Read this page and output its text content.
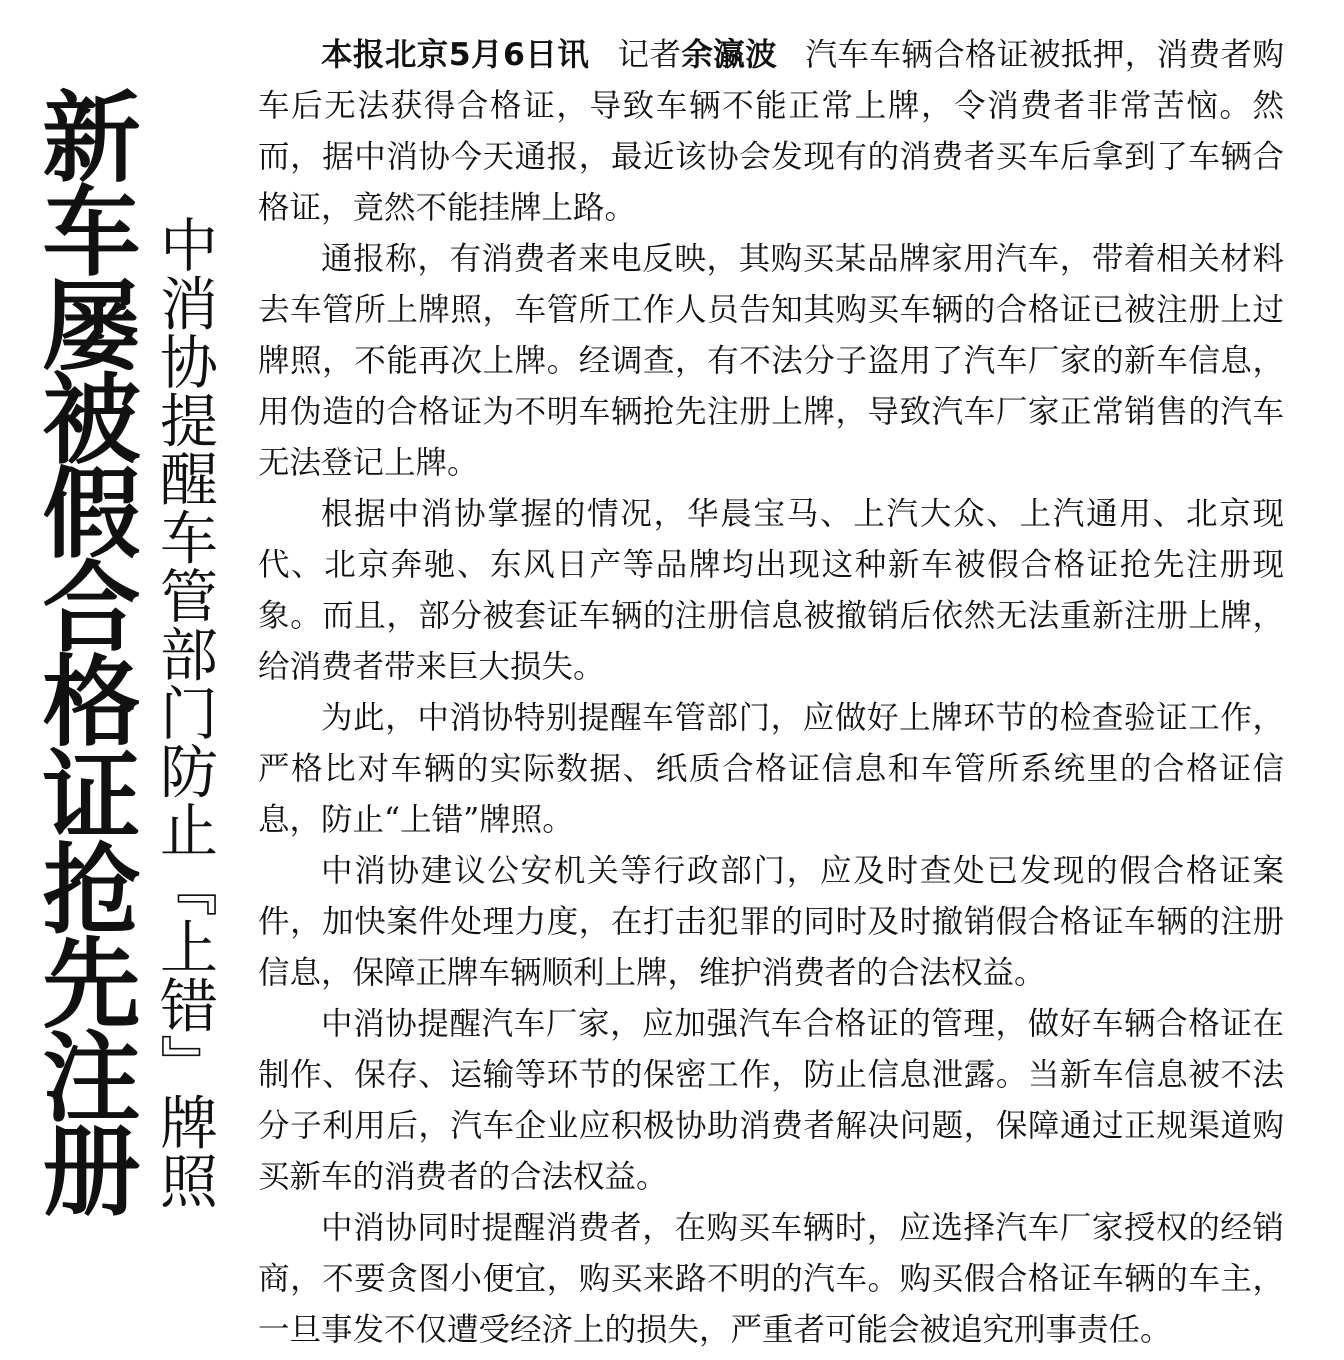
新车屡被假合格证抢先注册 中消协提醒车管部门防止『上错』牌照

本报北京5月6日讯 记者余瀛波 汽车车辆合格证被抵押，消费者购车后无法获得合格证，导致车辆不能正常上牌，令消费者非常苦恼。然而，据中消协今天通报，最近该协会发现有的消费者买车后拿到了车辆合格证，竟然不能挂牌上路。

通报称，有消费者来电反映，其购买某品牌家用汽车，带着相关材料去车管所上牌照，车管所工作人员告知其购买车辆的合格证已被注册上过牌照，不能再次上牌。经调查，有不法分子盗用了汽车厂家的新车信息，用伪造的合格证为不明车辆抢先注册上牌，导致汽车厂家正常销售的汽车无法登记上牌。

根据中消协掌握的情况，华晨宝马、上汽大众、上汽通用、北京现代、北京奔驰、东风日产等品牌均出现这种新车被假合格证抢先注册现象。而且，部分被套证车辆的注册信息被撤销后依然无法重新注册上牌，给消费者带来巨大损失。

为此，中消协特别提醒车管部门，应做好上牌环节的检查验证工作，严格比对车辆的实际数据、纸质合格证信息和车管所系统里的合格证信息，防止“上错”牌照。

中消协建议公安机关等行政部门，应及时查处已发现的假合格证案件，加快案件处理力度，在打击犯罪的同时及时撤销假合格证车辆的注册信息，保障正牌车辆顺利上牌，维护消费者的合法权益。

中消协提醒汽车厂家，应加强汽车合格证的管理，做好车辆合格证在制作、保存、运输等环节的保密工作，防止信息泄露。当新车信息被不法分子利用后，汽车企业应积极协助消费者解决问题，保障通过正规渠道购买新车的消费者的合法权益。

中消协同时提醒消费者，在购买车辆时，应选择汽车厂家授权的经销商，不要贪图小便宜，购买来路不明的汽车。购买假合格证车辆的车主，一旦事发不仅遭受经济上的损失，严重者可能会被追究刑事责任。
